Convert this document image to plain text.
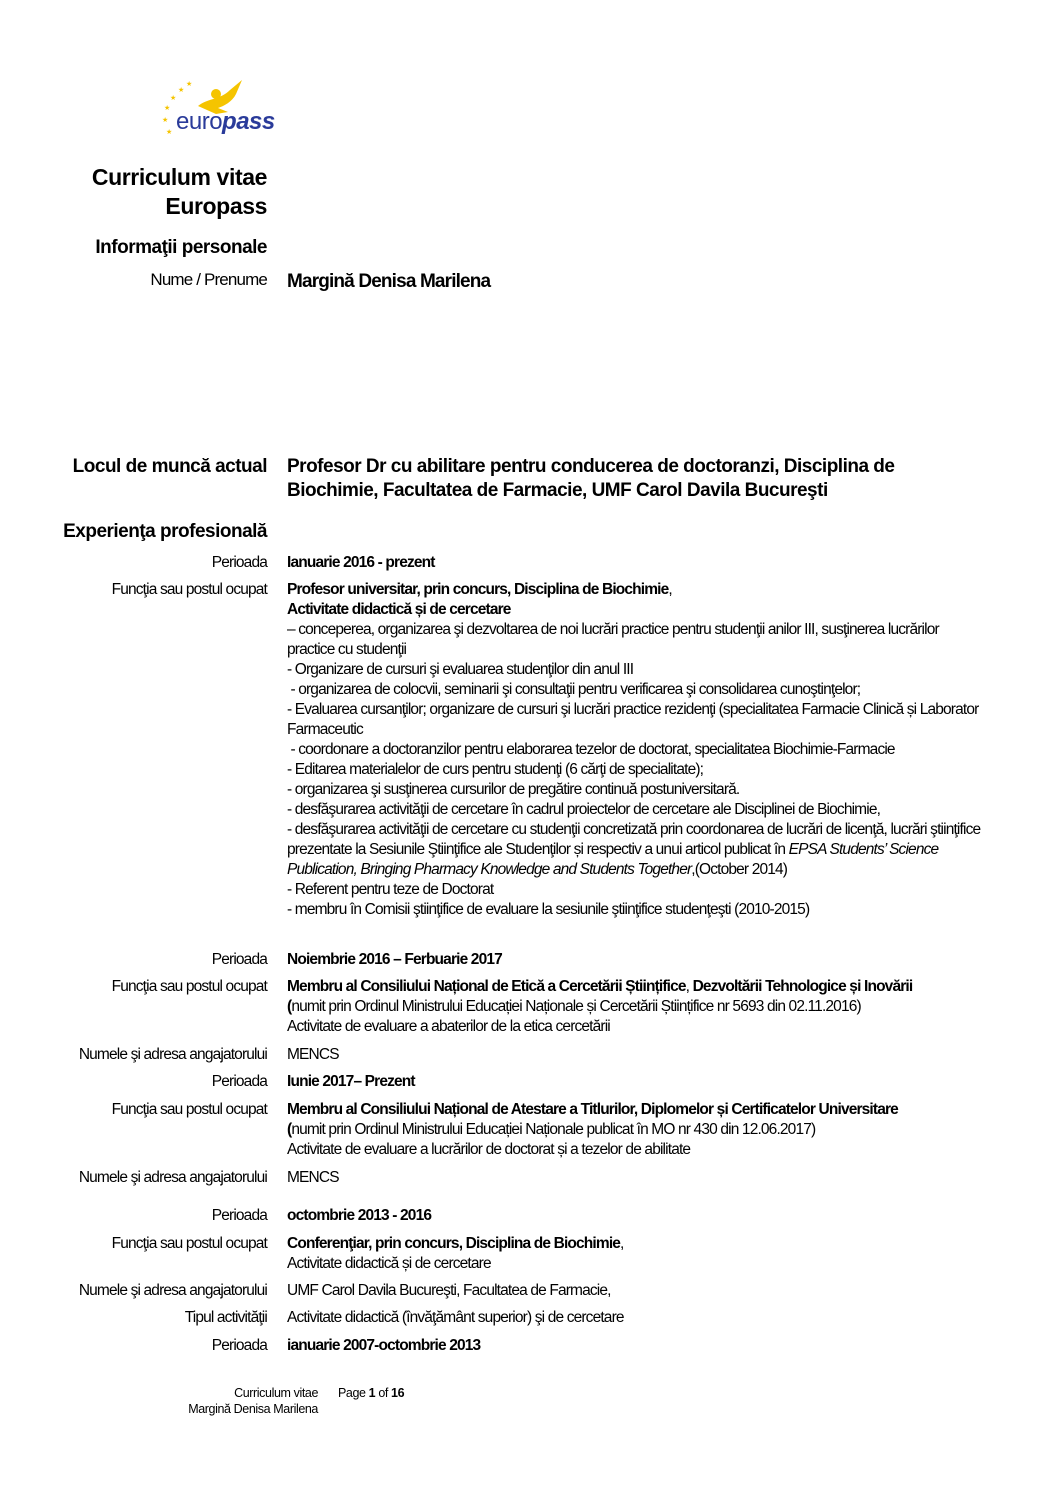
★
★
★
★
★
★
europass
Curriculum vitae
Europass
Informaţii personale
Nume / Prenume Margină Denisa Marilena
Locul de muncă actual Profesor Dr cu abilitare pentru conducerea de doctoranzi, Disciplina de Biochimie, Facultatea de Farmacie, UMF Carol Davila Bucureşti
Experienţa profesională
Perioada Ianuarie 2016 - prezent
Funcţia sau postul ocupat Profesor universitar, prin concurs, Disciplina de Biochimie,
Activitate didactică și de cercetare
– conceperea, organizarea şi dezvoltarea de noi lucrări practice pentru studenţii anilor III, susţinerea lucrărilor practice cu studenţii
- Organizare de cursuri şi evaluarea studenţilor din anul III
- organizarea de colocvii, seminarii şi consultaţii pentru verificarea şi consolidarea cunoştinţelor;
- Evaluarea cursanţilor; organizare de cursuri şi lucrări practice rezidenţi (specialitatea Farmacie Clinică și Laborator Farmaceutic
- coordonare a doctoranzilor pentru elaborarea tezelor de doctorat, specialitatea Biochimie-Farmacie
- Editarea materialelor de curs pentru studenţi (6 cărţi de specialitate);
- organizarea şi susţinerea cursurilor de pregătire continuă postuniversitară.
- desfăşurarea activităţii de cercetare în cadrul proiectelor de cercetare ale Disciplinei de Biochimie,
- desfăşurarea activităţii de cercetare cu studenţii concretizată prin coordonarea de lucrări de licenţă, lucrări ştiinţifice prezentate la Sesiunile Ştiinţifice ale Studenţilor și respectiv a unui articol publicat în EPSA Students’ Science Publication, Bringing Pharmacy Knowledge and Students Together,(October 2014)
- Referent pentru teze de Doctorat
- membru în Comisii ştiinţifice de evaluare la sesiunile ştiinţifice studenţeşti (2010-2015)
Perioada Noiembrie 2016 – Ferbuarie 2017
Funcţia sau postul ocupat Membru al Consiliului Național de Etică a Cercetării Științifice, Dezvoltării Tehnologice și Inovării
(numit prin Ordinul Ministrului Educației Naționale și Cercetării Științifice nr 5693 din 02.11.2016)
Activitate de evaluare a abaterilor de la etica cercetării
Numele şi adresa angajatorului MENCS
Perioada Iunie 2017– Prezent
Funcţia sau postul ocupat Membru al Consiliului Național de Atestare a Titlurilor, Diplomelor și Certificatelor Universitare
(numit prin Ordinul Ministrului Educației Naționale publicat în MO nr 430 din 12.06.2017)
Activitate de evaluare a lucrărilor de doctorat și a tezelor de abilitate
Numele şi adresa angajatorului MENCS
Perioada octombrie 2013 - 2016
Funcţia sau postul ocupat Conferenţiar, prin concurs, Disciplina de Biochimie,
Activitate didactică și de cercetare
Numele şi adresa angajatorului UMF Carol Davila Bucureşti, Facultatea de Farmacie,
Tipul activităţii Activitate didactică (învăţământ superior) şi de cercetare
Perioada ianuarie 2007-octombrie 2013
Curriculum vitae
Margină Denisa Marilena
Page 1 of 16
